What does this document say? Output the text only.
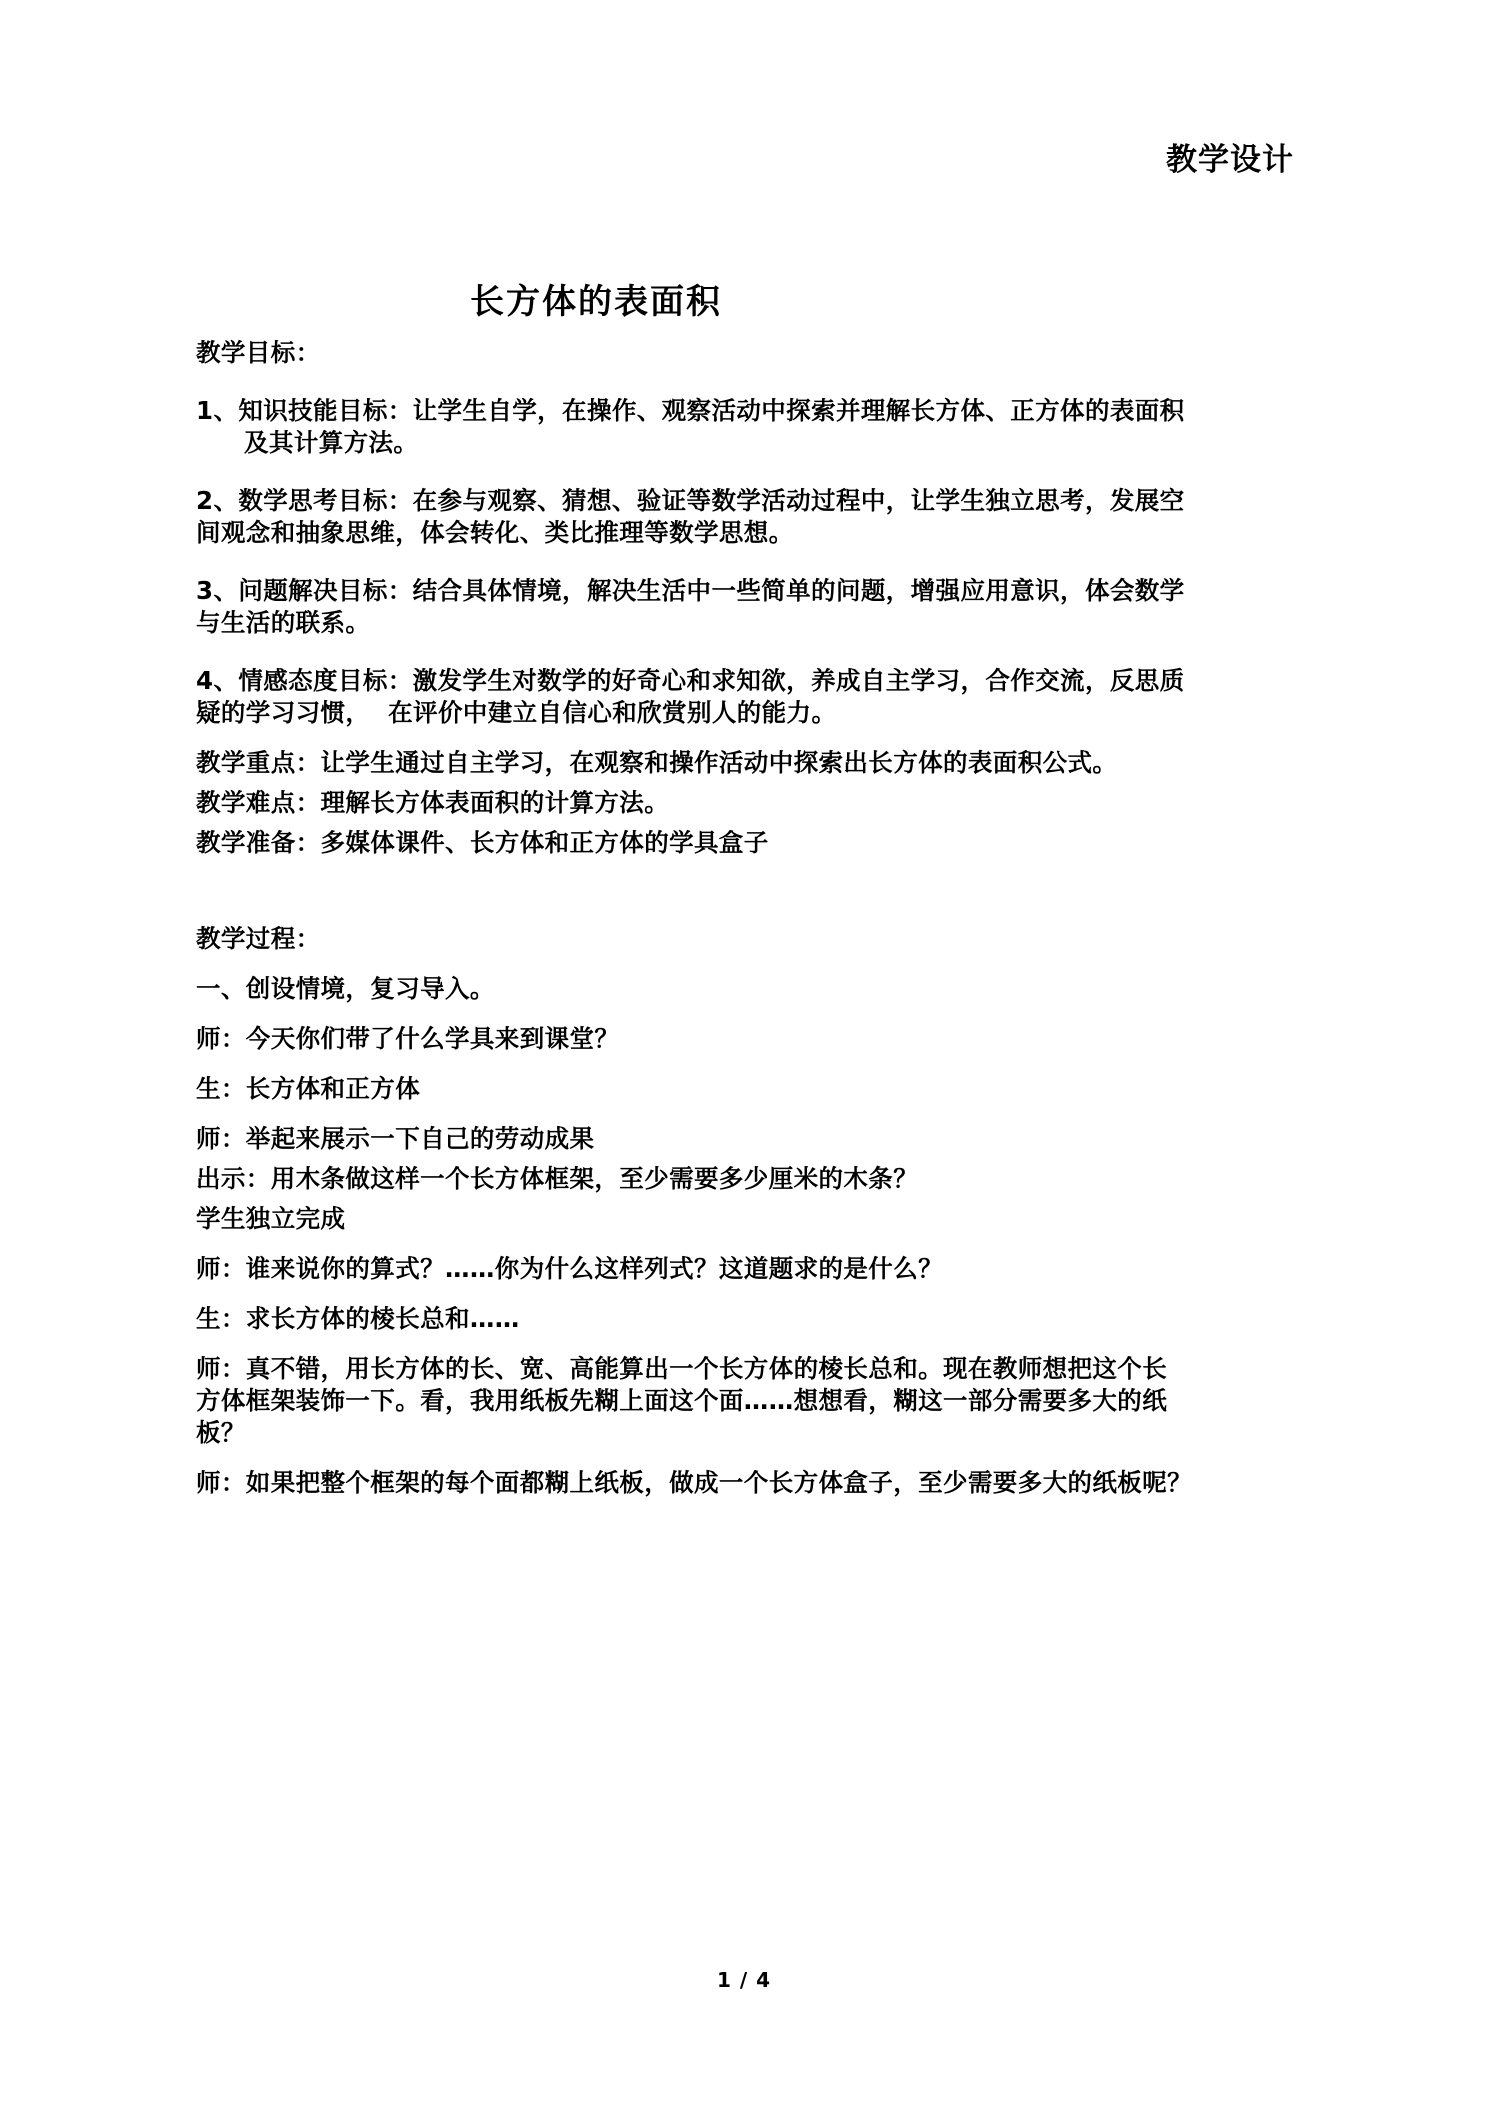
教学设计
长方体的表面积

教学目标：

1、知识技能目标：让学生自学，在操作、观察活动中探索并理解长方体、正方体的表面积

及其计算方法。

2、数学思考目标：在参与观察、猜想、验证等数学活动过程中，让学生独立思考，发展空

间观念和抽象思维，体会转化、类比推理等数学思想。

3、问题解决目标：结合具体情境，解决生活中一些简单的问题，增强应用意识，体会数学

与生活的联系。

4、情感态度目标：激发学生对数学的好奇心和求知欲，养成自主学习，合作交流，反思质

疑的学习习惯，  在评价中建立自信心和欣赏别人的能力。

教学重点：让学生通过自主学习，在观察和操作活动中探索出长方体的表面积公式。

教学难点：理解长方体表面积的计算方法。

教学准备：多媒体课件、长方体和正方体的学具盒子

教学过程：

一、创设情境，复习导入。

师：今天你们带了什么学具来到课堂？

生：长方体和正方体

师：举起来展示一下自己的劳动成果

出示：用木条做这样一个长方体框架，至少需要多少厘米的木条？

学生独立完成

师：谁来说你的算式？……你为什么这样列式？这道题求的是什么？

生：求长方体的棱长总和……

师：真不错，用长方体的长、宽、高能算出一个长方体的棱长总和。现在教师想把这个长

方体框架装饰一下。看，我用纸板先糊上面这个面……想想看，糊这一部分需要多大的纸

板？

师：如果把整个框架的每个面都糊上纸板，做成一个长方体盒子，至少需要多大的纸板呢？

1 / 4
